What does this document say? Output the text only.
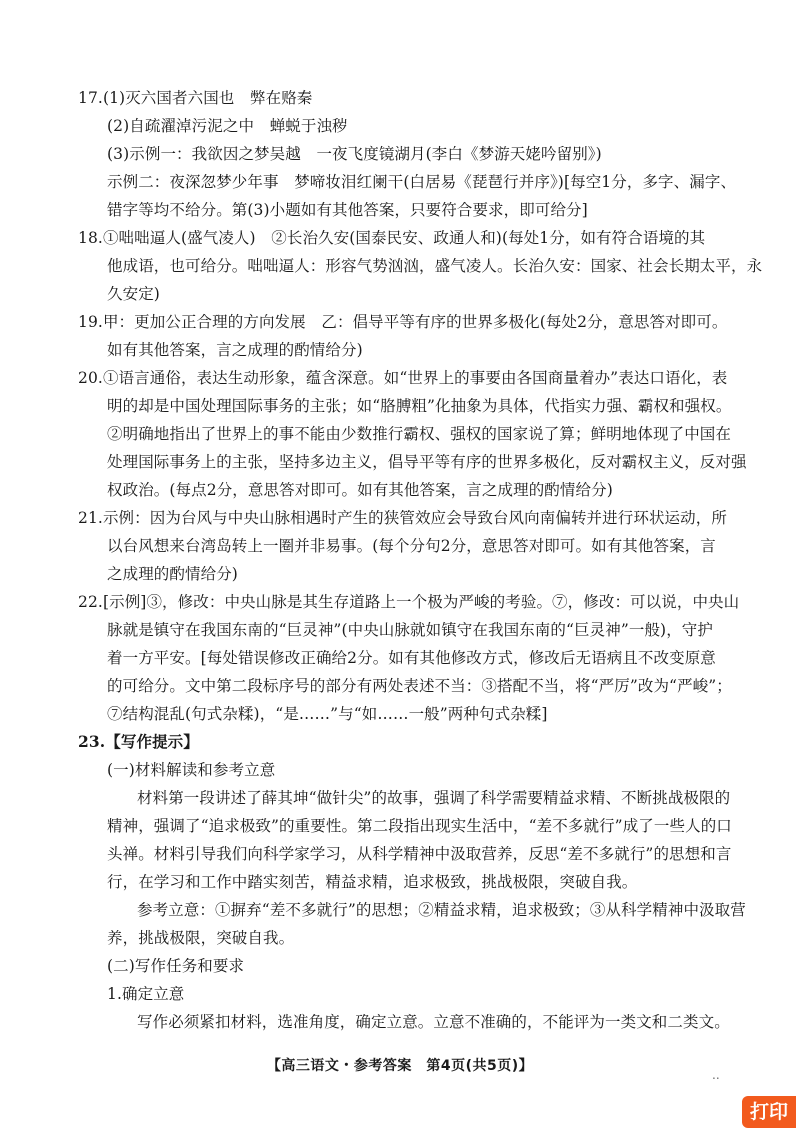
17.(1)灭六国者六国也　弊在赂秦
(2)自疏濯淖污泥之中　蝉蜕于浊秽
(3)示例一：我欲因之梦吴越　一夜飞度镜湖月(李白《梦游天姥吟留别》)
示例二：夜深忽梦少年事　梦啼妆泪红阑干(白居易《琵琶行并序》)[每空1分，多字、漏字、
错字等均不给分。第(3)小题如有其他答案，只要符合要求，即可给分]
18.①咄咄逼人(盛气凌人)　②长治久安(国泰民安、政通人和)(每处1分，如有符合语境的其
他成语，也可给分。咄咄逼人：形容气势汹汹，盛气凌人。长治久安：国家、社会长期太平，永
久安定)
19.甲：更加公正合理的方向发展　乙：倡导平等有序的世界多极化(每处2分，意思答对即可。
如有其他答案，言之成理的酌情给分)
20.①语言通俗，表达生动形象，蕴含深意。如“世界上的事要由各国商量着办”表达口语化，表
明的却是中国处理国际事务的主张；如“胳膊粗”化抽象为具体，代指实力强、霸权和强权。
②明确地指出了世界上的事不能由少数推行霸权、强权的国家说了算；鲜明地体现了中国在
处理国际事务上的主张，坚持多边主义，倡导平等有序的世界多极化，反对霸权主义，反对强
权政治。(每点2分，意思答对即可。如有其他答案，言之成理的酌情给分)
21.示例：因为台风与中央山脉相遇时产生的狭管效应会导致台风向南偏转并进行环状运动，所
以台风想来台湾岛转上一圈并非易事。(每个分句2分，意思答对即可。如有其他答案，言
之成理的酌情给分)
22.[示例]③，修改：中央山脉是其生存道路上一个极为严峻的考验。⑦，修改：可以说，中央山
脉就是镇守在我国东南的“巨灵神”(中央山脉就如镇守在我国东南的“巨灵神”一般)，守护
着一方平安。[每处错误修改正确给2分。如有其他修改方式，修改后无语病且不改变原意
的可给分。文中第二段标序号的部分有两处表述不当：③搭配不当，将“严厉”改为“严峻”；
⑦结构混乱(句式杂糅)，“是……”与“如……一般”两种句式杂糅]
23.【写作提示】
(一)材料解读和参考立意
材料第一段讲述了薛其坤“做针尖”的故事，强调了科学需要精益求精、不断挑战极限的
精神，强调了“追求极致”的重要性。第二段指出现实生活中，“差不多就行”成了一些人的口
头禅。材料引导我们向科学家学习，从科学精神中汲取营养，反思“差不多就行”的思想和言
行，在学习和工作中踏实刻苦，精益求精，追求极致，挑战极限，突破自我。
参考立意：①摒弃“差不多就行”的思想；②精益求精，追求极致；③从科学精神中汲取营
养，挑战极限，突破自我。
(二)写作任务和要求
1.确定立意
写作必须紧扣材料，选准角度，确定立意。立意不准确的，不能评为一类文和二类文。
【高三语文・参考答案　第4页(共5页)】
..
打印
